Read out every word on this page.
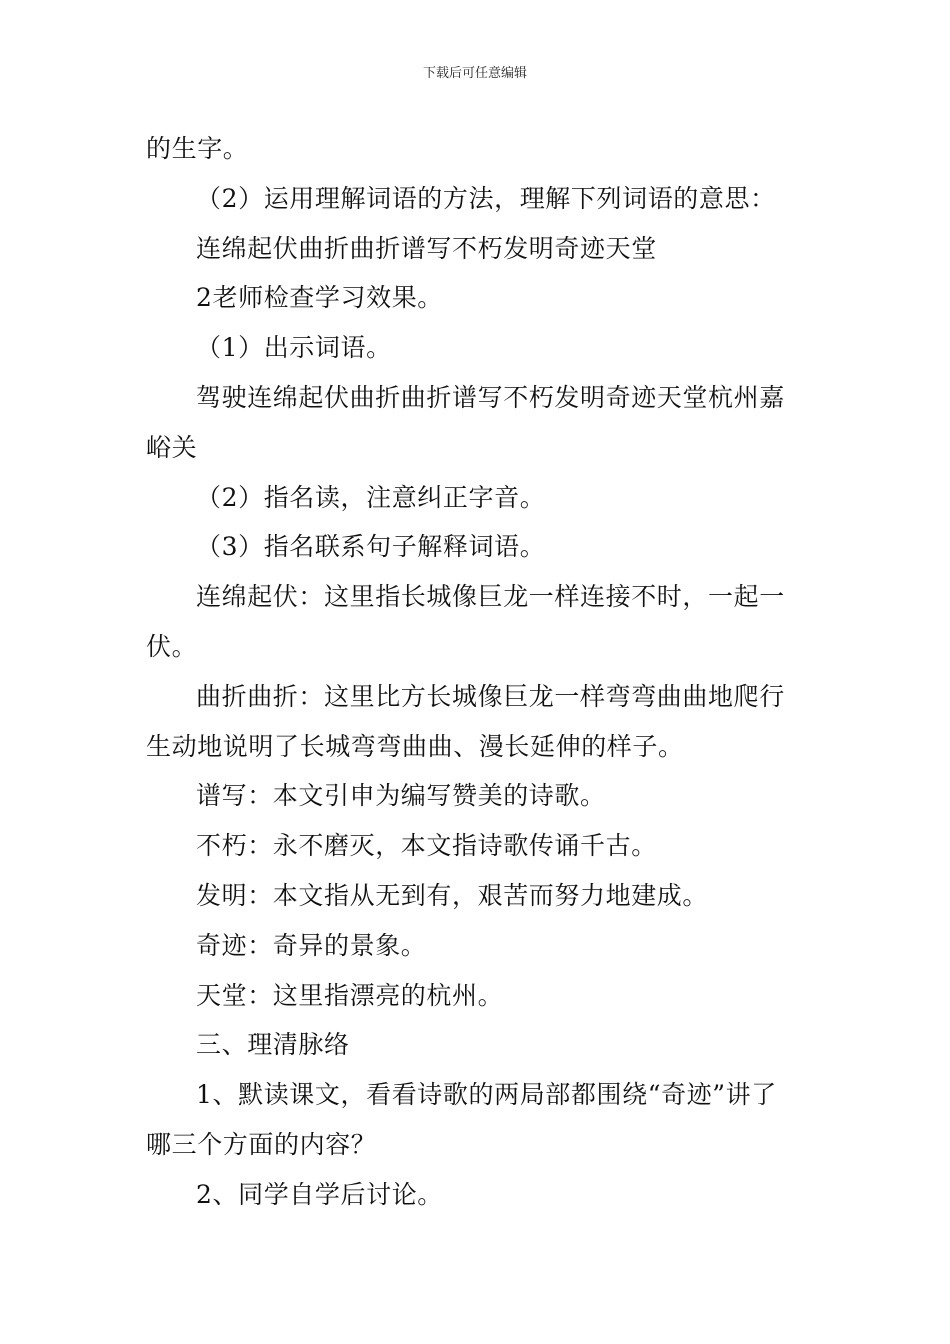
下载后可任意编辑
的生字。
（2）运用理解词语的方法，理解下列词语的意思：
连绵起伏曲折曲折谱写不朽发明奇迹天堂
2老师检查学习效果。
（1）出示词语。
驾驶连绵起伏曲折曲折谱写不朽发明奇迹天堂杭州嘉
峪关
（2）指名读，注意纠正字音。
（3）指名联系句子解释词语。
连绵起伏：这里指长城像巨龙一样连接不时，一起一
伏。
曲折曲折：这里比方长城像巨龙一样弯弯曲曲地爬行
生动地说明了长城弯弯曲曲、漫长延伸的样子。
谱写：本文引申为编写赞美的诗歌。
不朽：永不磨灭，本文指诗歌传诵千古。
发明：本文指从无到有，艰苦而努力地建成。
奇迹：奇异的景象。
天堂：这里指漂亮的杭州。
三、理清脉络
1、默读课文，看看诗歌的两局部都围绕“奇迹”讲了
哪三个方面的内容？
2、同学自学后讨论。
